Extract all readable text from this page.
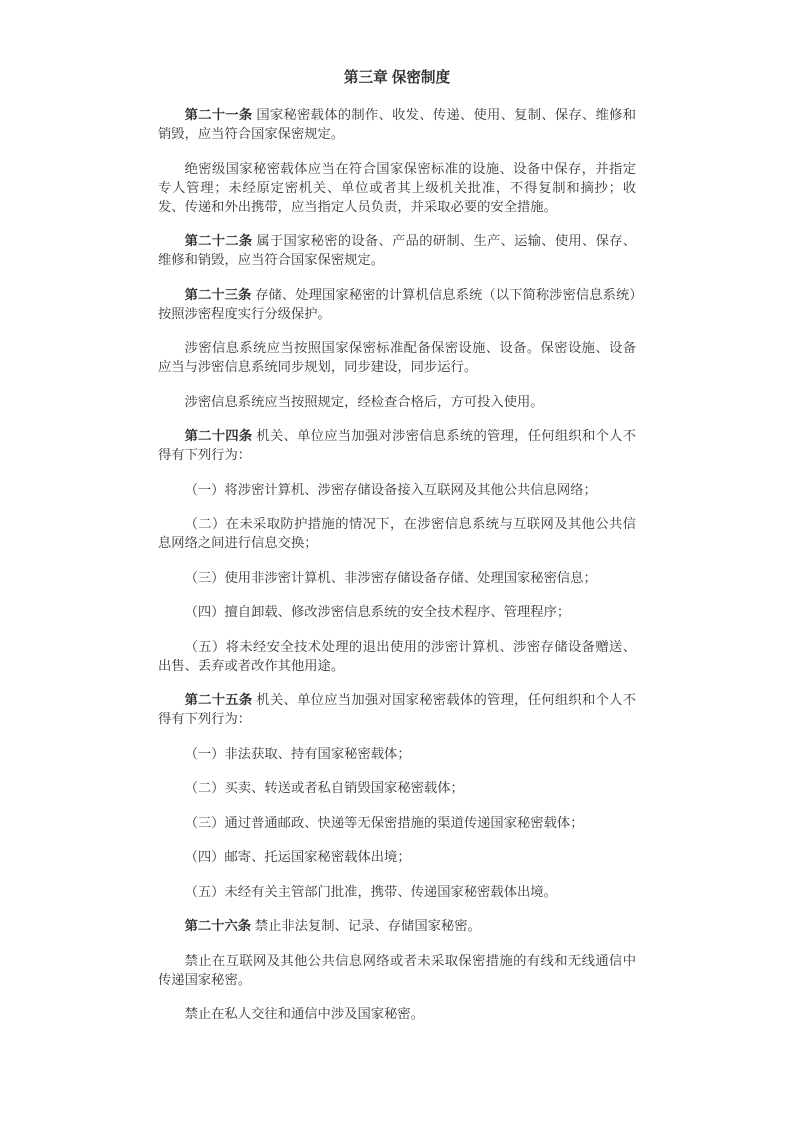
第三章 保密制度

第二十一条 国家秘密载体的制作、收发、传递、使用、复制、保存、维修和销毁，应当符合国家保密规定。

绝密级国家秘密载体应当在符合国家保密标准的设施、设备中保存，并指定专人管理；未经原定密机关、单位或者其上级机关批准，不得复制和摘抄；收发、传递和外出携带，应当指定人员负责，并采取必要的安全措施。

第二十二条 属于国家秘密的设备、产品的研制、生产、运输、使用、保存、维修和销毁，应当符合国家保密规定。

第二十三条 存储、处理国家秘密的计算机信息系统（以下简称涉密信息系统）按照涉密程度实行分级保护。

涉密信息系统应当按照国家保密标准配备保密设施、设备。保密设施、设备应当与涉密信息系统同步规划，同步建设，同步运行。

涉密信息系统应当按照规定，经检查合格后，方可投入使用。

第二十四条 机关、单位应当加强对涉密信息系统的管理，任何组织和个人不得有下列行为：

（一）将涉密计算机、涉密存储设备接入互联网及其他公共信息网络；

（二）在未采取防护措施的情况下，在涉密信息系统与互联网及其他公共信息网络之间进行信息交换；

（三）使用非涉密计算机、非涉密存储设备存储、处理国家秘密信息；

（四）擅自卸载、修改涉密信息系统的安全技术程序、管理程序；

（五）将未经安全技术处理的退出使用的涉密计算机、涉密存储设备赠送、出售、丢弃或者改作其他用途。

第二十五条 机关、单位应当加强对国家秘密载体的管理，任何组织和个人不得有下列行为：

（一）非法获取、持有国家秘密载体；

（二）买卖、转送或者私自销毁国家秘密载体；

（三）通过普通邮政、快递等无保密措施的渠道传递国家秘密载体；

（四）邮寄、托运国家秘密载体出境；

（五）未经有关主管部门批准，携带、传递国家秘密载体出境。

第二十六条 禁止非法复制、记录、存储国家秘密。

禁止在互联网及其他公共信息网络或者未采取保密措施的有线和无线通信中传递国家秘密。

禁止在私人交往和通信中涉及国家秘密。
